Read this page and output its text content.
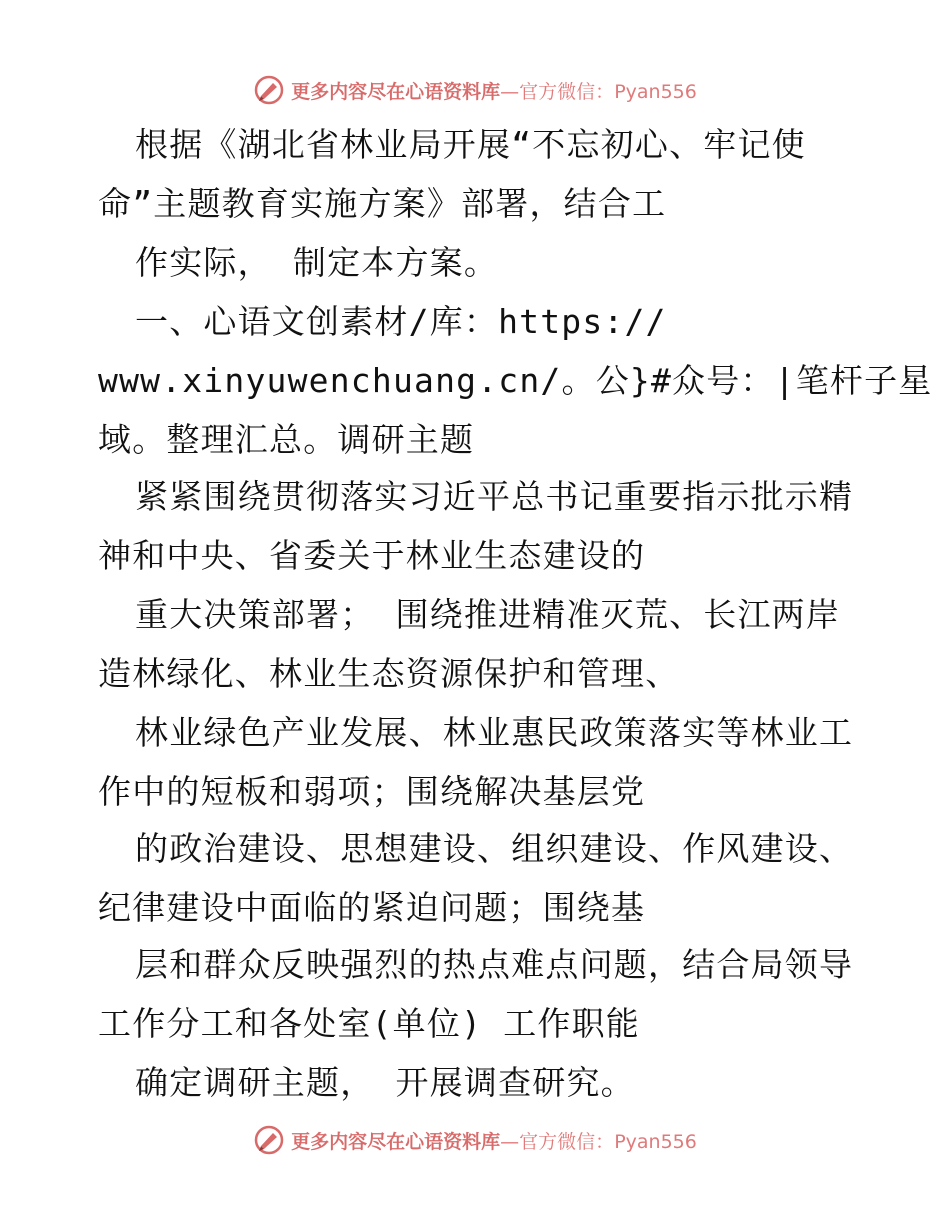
更多内容尽在心语资料库—官方微信：Pyan556
根据《湖北省林业局开展“不忘初心、牢记使
命”主题教育实施方案》部署，结合工
作实际， 制定本方案。
一、心语文创素材/库：https://
www.xinyuwenchuang.cn/。公}#众号：|笔杆子星
域。整理汇总。调研主题
紧紧围绕贯彻落实习近平总书记重要指示批示精
神和中央、省委关于林业生态建设的
重大决策部署； 围绕推进精准灭荒、长江两岸
造林绿化、林业生态资源保护和管理、
林业绿色产业发展、林业惠民政策落实等林业工
作中的短板和弱项；围绕解决基层党
的政治建设、思想建设、组织建设、作风建设、
纪律建设中面临的紧迫问题；围绕基
层和群众反映强烈的热点难点问题，结合局领导
工作分工和各处室(单位) 工作职能
确定调研主题， 开展调查研究。
更多内容尽在心语资料库—官方微信：Pyan556
